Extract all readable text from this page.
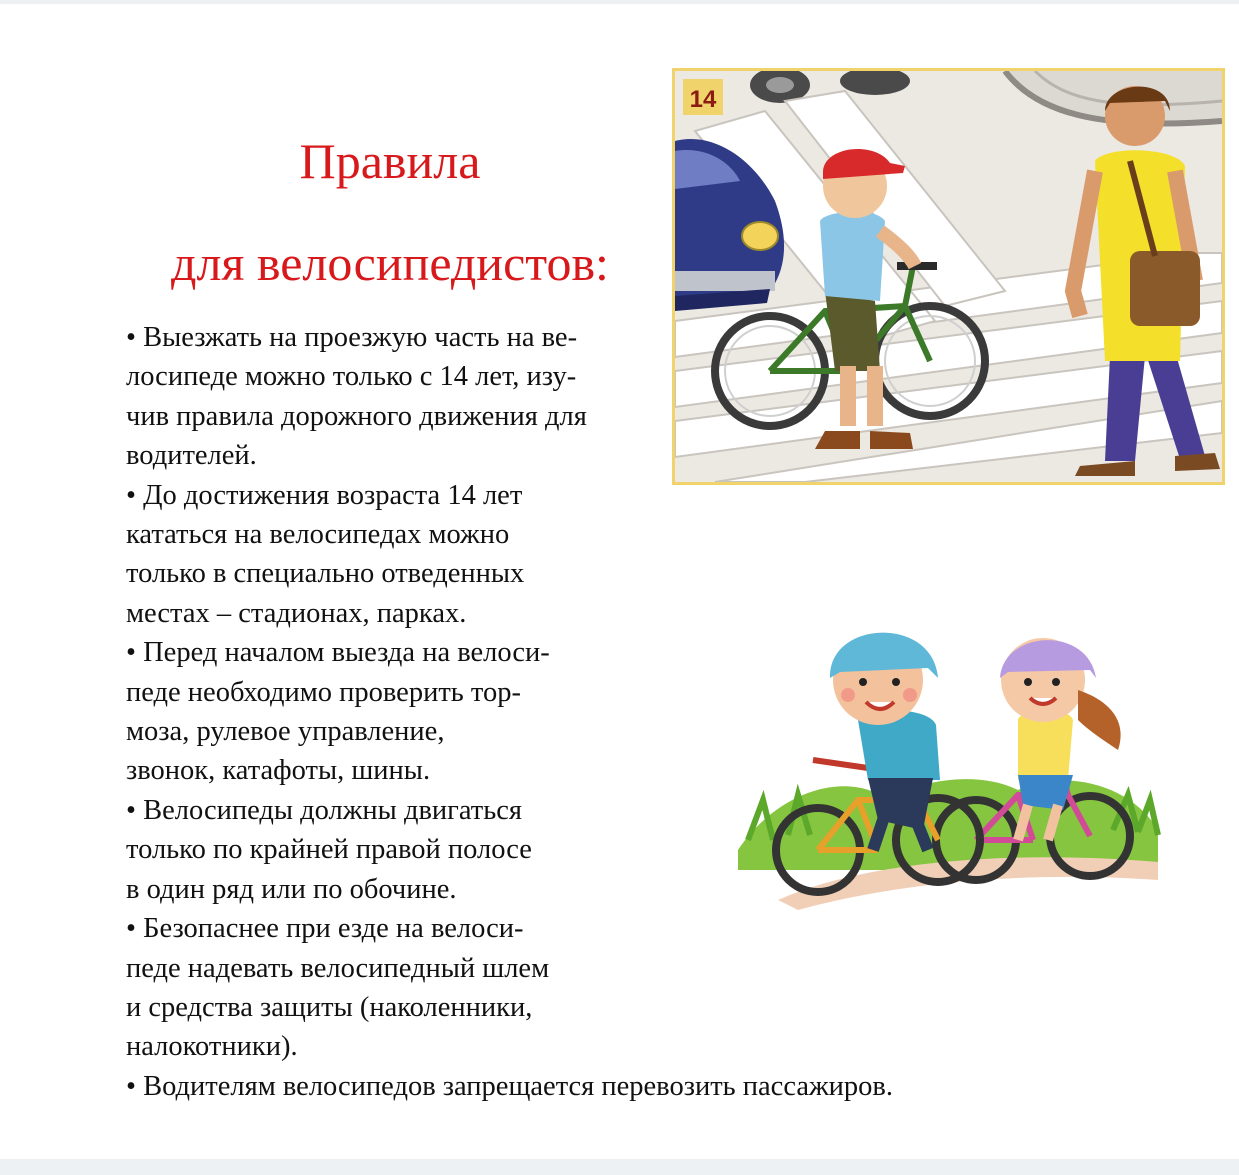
Правила
для велосипедистов:
• Выезжать на проезжую часть на ве-
лосипеде можно только с 14 лет, изу-
чив правила дорожного движения для
водителей.
• До достижения возраста 14 лет
кататься на велосипедах можно
только в специально отведенных
местах – стадионах, парках.
• Перед началом выезда на велоси-
педе необходимо проверить тор-
моза, рулевое управление,
звонок, катафоты, шины.
• Велосипеды должны двигаться
только по крайней правой полосе
в один ряд или по обочине.
• Безопаснее при езде на велоси-
педе надевать велосипедный шлем
и средства защиты (наколенники,
налокотники).
• Водителям велосипедов запрещается перевозить пассажиров.
14
